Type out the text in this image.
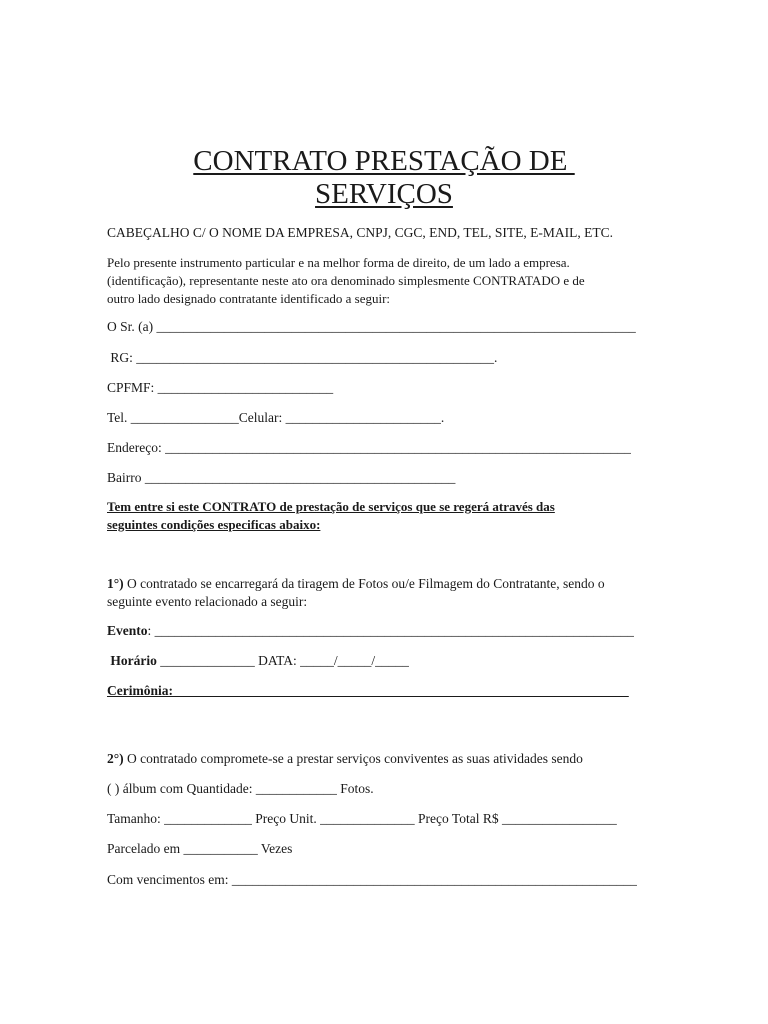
CONTRATO PRESTAÇÃO DE
SERVIÇOS
CABEÇALHO C/ O NOME DA EMPRESA, CNPJ, CGC, END, TEL, SITE, E-MAIL, ETC.
Pelo presente instrumento particular e na melhor forma de direito, de um lado a empresa.
(identificação), representante neste ato ora denominado simplesmente CONTRATADO e de
outro lado designado contratante identificado a seguir:
O Sr. (a) _______________________________________________________________________
RG: _____________________________________________________.
CPFMF: __________________________
Tel. ________________Celular: _______________________.
Endereço: _____________________________________________________________________
Bairro ______________________________________________
Tem entre si este CONTRATO de prestação de serviços que se regerá através das
seguintes condições especificas abaixo:
1°) O contratado se encarregará da tiragem de Fotos ou/e Filmagem do Contratante, sendo o
seguinte evento relacionado a seguir:
Evento: _______________________________________________________________________
Horário ______________ DATA: _____/_____/_____
Cerimônia: ___________________________________________________________________
2°) O contratado compromete-se a prestar serviços conviventes as suas atividades sendo
( ) álbum com Quantidade: ____________ Fotos.
Tamanho: _____________ Preço Unit. ______________ Preço Total R$ _________________
Parcelado em ___________ Vezes
Com vencimentos em: ____________________________________________________________
